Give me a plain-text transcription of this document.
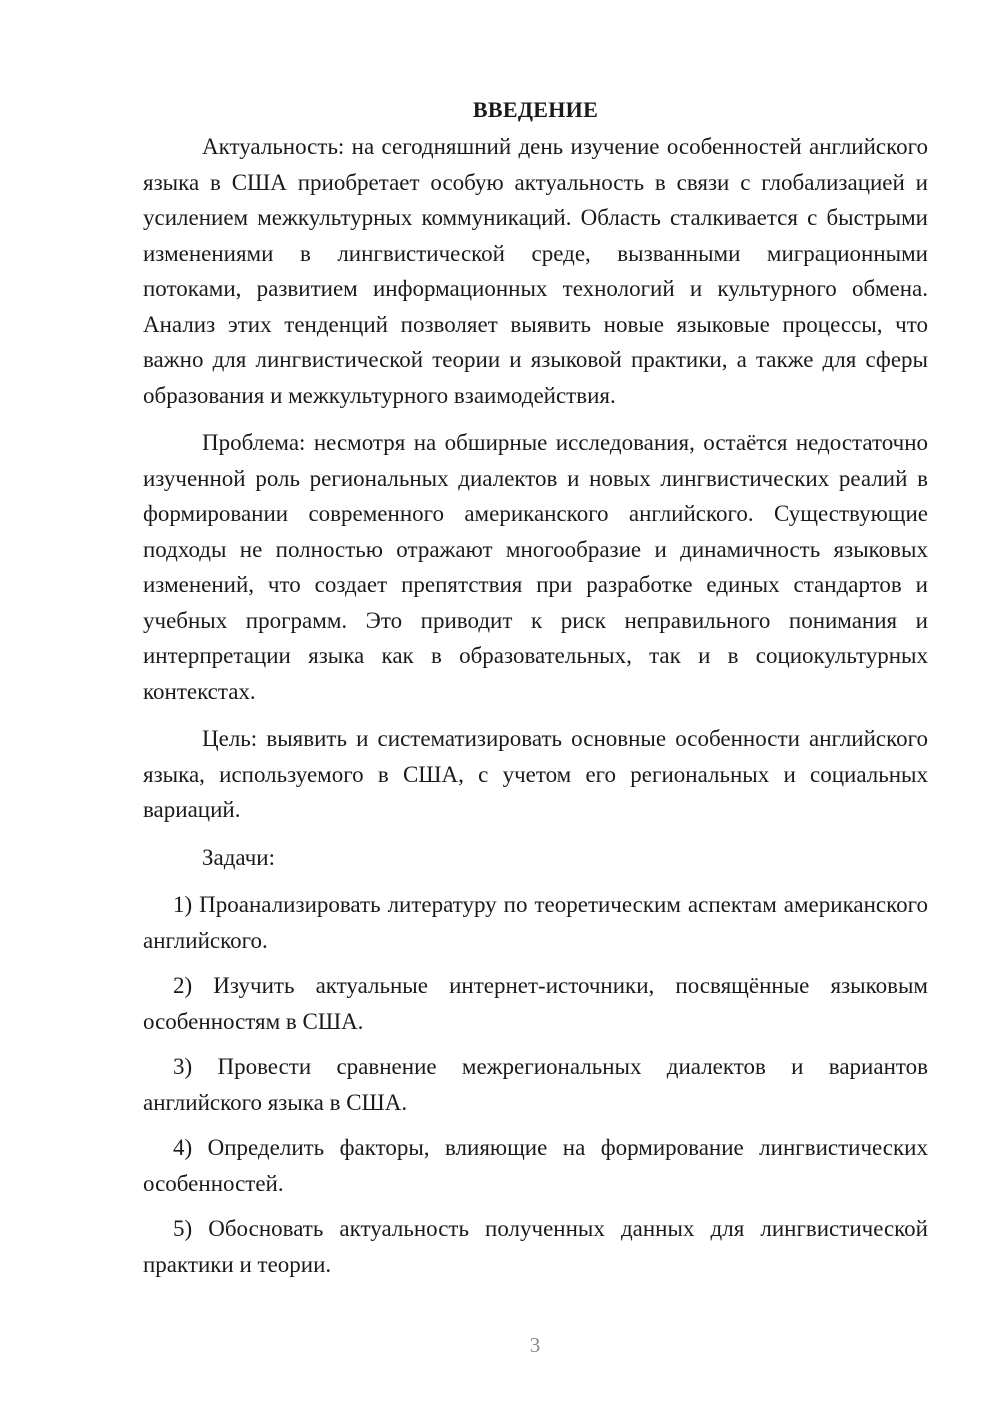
ВВЕДЕНИЕ

Актуальность: на сегодняшний день изучение особенностей английского языка в США приобретает особую актуальность в связи с глобализацией и усилением межкультурных коммуникаций. Область сталкивается с быстрыми изменениями в лингвистической среде, вызванными миграционными потоками, развитием информационных технологий и культурного обмена. Анализ этих тенденций позволяет выявить новые языковые процессы, что важно для лингвистической теории и языковой практики, а также для сферы образования и межкультурного взаимодействия.

Проблема: несмотря на обширные исследования, остаётся недостаточно изученной роль региональных диалектов и новых лингвистических реалий в формировании современного американского английского. Существующие подходы не полностью отражают многообразие и динамичность языковых изменений, что создает препятствия при разработке единых стандартов и учебных программ. Это приводит к риск неправильного понимания и интерпретации языка как в образовательных, так и в социокультурных контекстах.

Цель: выявить и систематизировать основные особенности английского языка, используемого в США, с учетом его региональных и социальных вариаций.

Задачи:

1) Проанализировать литературу по теоретическим аспектам американского английского.

2) Изучить актуальные интернет-источники, посвящённые языковым особенностям в США.

3) Провести сравнение межрегиональных диалектов и вариантов английского языка в США.

4) Определить факторы, влияющие на формирование лингвистических особенностей.

5) Обосновать актуальность полученных данных для лингвистической практики и теории.

3
